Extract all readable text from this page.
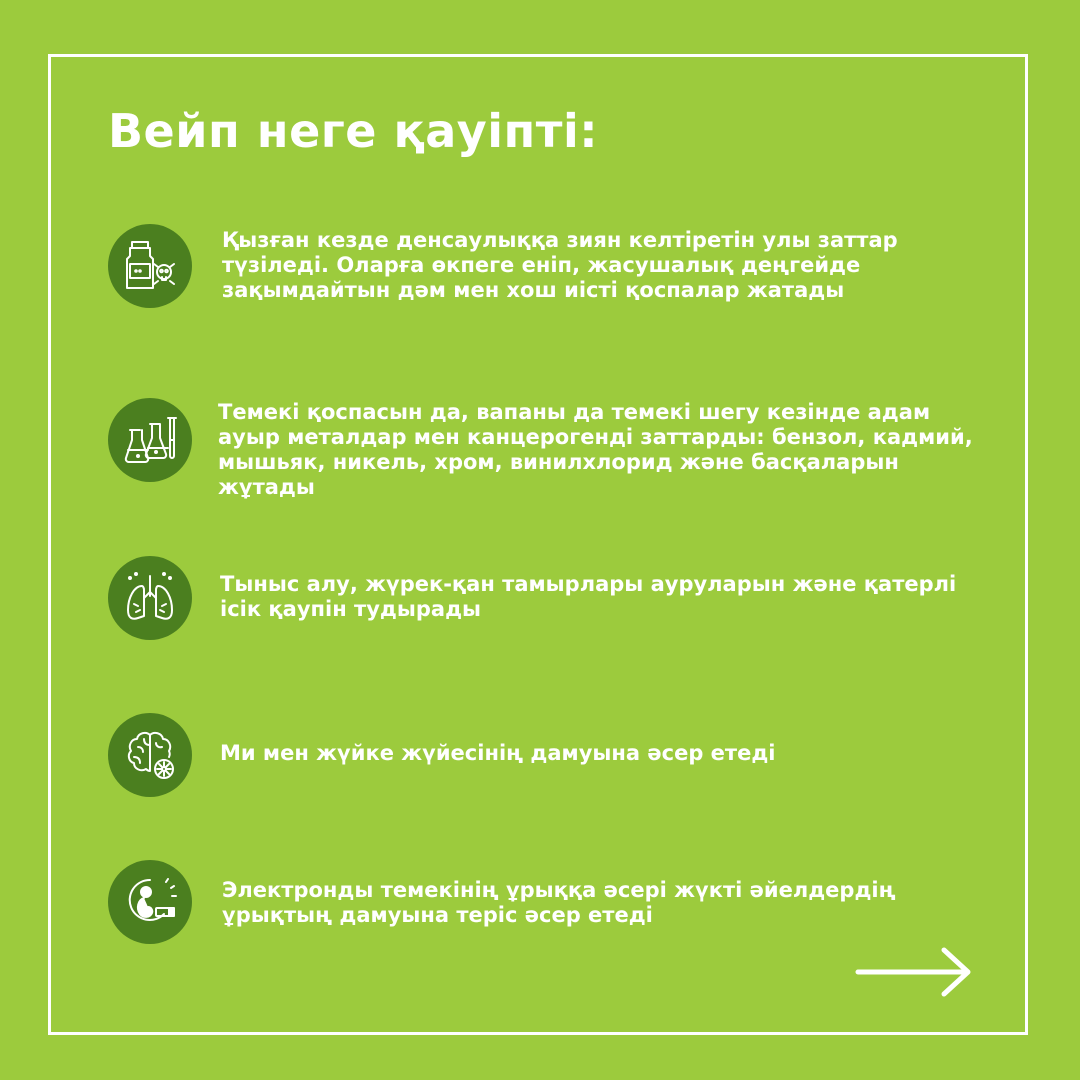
Вейп неге қауіпті:

Қызған кезде денсаулыққа зиян келтіретін улы заттар түзіледі. Оларға өкпеге еніп, жасушалық деңгейде зақымдайтын дәм мен хош иісті қоспалар жатады

Темекі қоспасын да, вапаны да темекі шегу кезінде адам ауыр металдар мен канцерогенді заттарды: бензол, кадмий, мышьяк, никель, хром, винилхлорид және басқаларын жұтады

Тыныс алу, жүрек-қан тамырлары ауруларын және қатерлі ісік қаупін тудырады

Ми мен жүйке жүйесінің дамуына әсер етеді

Электронды темекінің ұрыққа әсері жүкті әйелдердің ұрықтың дамуына теріс әсер етеді
